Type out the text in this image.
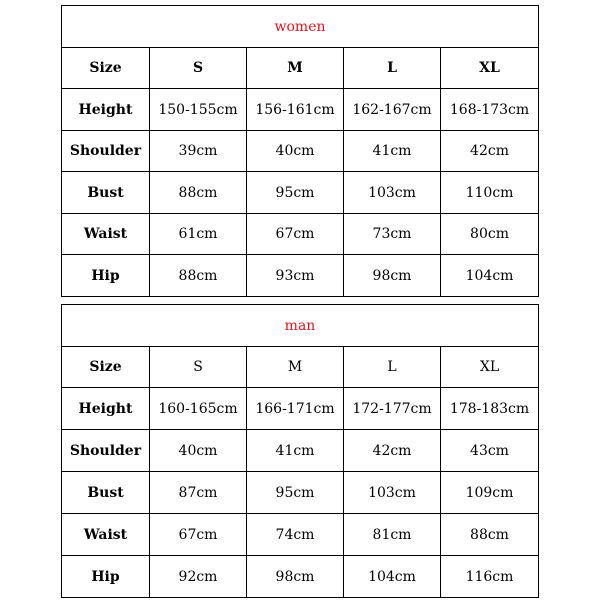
women				
Size	S	M	L	XL
Height	150-155cm	156-161cm	162-167cm	168-173cm
Shoulder	39cm	40cm	41cm	42cm
Bust	88cm	95cm	103cm	110cm
Waist	61cm	67cm	73cm	80cm
Hip	88cm	93cm	98cm	104cm
man				
Size	S	M	L	XL
Height	160-165cm	166-171cm	172-177cm	178-183cm
Shoulder	40cm	41cm	42cm	43cm
Bust	87cm	95cm	103cm	109cm
Waist	67cm	74cm	81cm	88cm
Hip	92cm	98cm	104cm	116cm
